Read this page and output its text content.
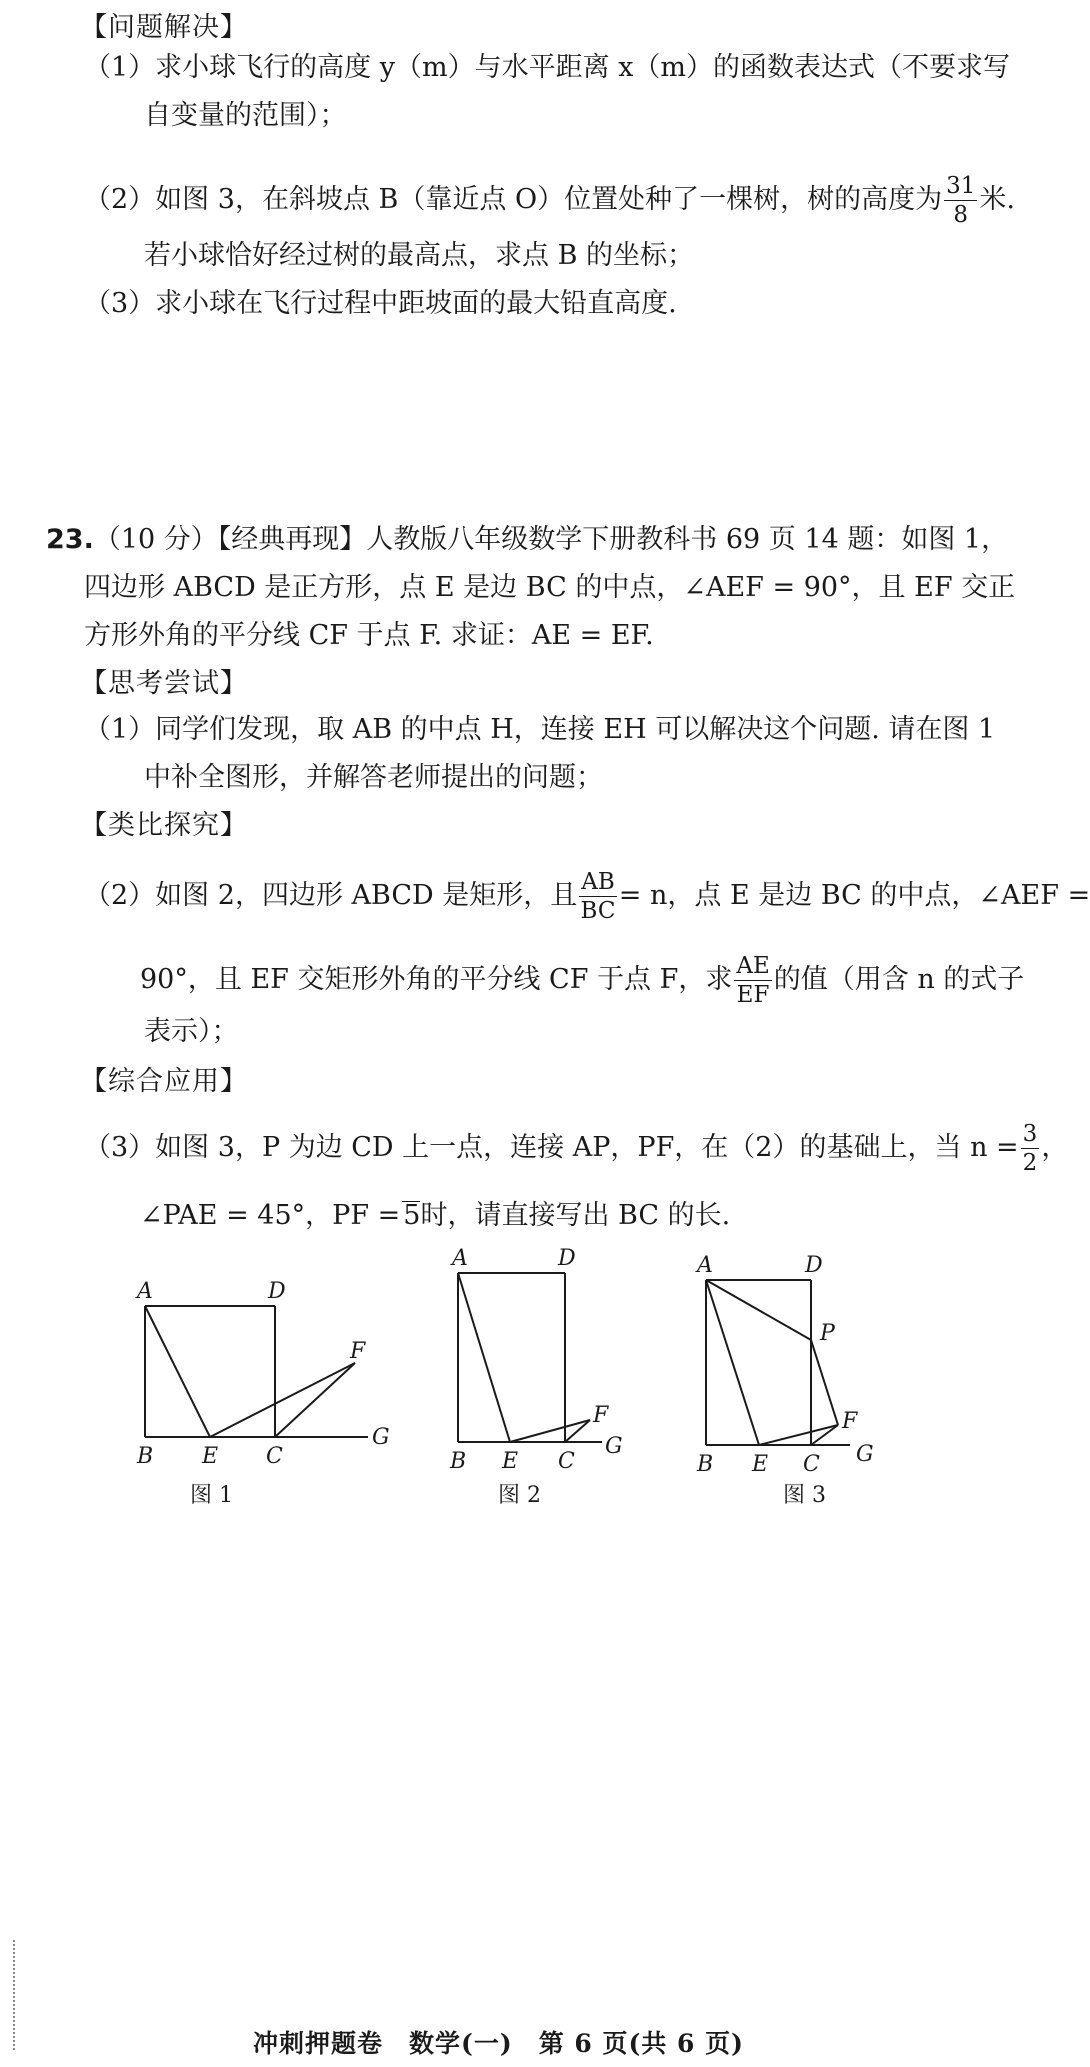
【问题解决】
（1）求小球飞行的高度 y（m）与水平距离 x（m）的函数表达式（不要求写
自变量的范围）；
（2）如图 3，在斜坡点 B（靠近点 O）位置处种了一棵树，树的高度为 $\frac{31}{8}$ 米.
若小球恰好经过树的最高点，求点 B 的坐标；
（3）求小球在飞行过程中距坡面的最大铅直高度.
23.（10 分）【经典再现】人教版八年级数学下册教科书 69 页 14 题：如图 1，
四边形 ABCD 是正方形，点 E 是边 BC 的中点，∠AEF = 90°，且 EF 交正
方形外角的平分线 CF 于点 F. 求证：AE = EF.
【思考尝试】
（1）同学们发现，取 AB 的中点 H，连接 EH 可以解决这个问题. 请在图 1
中补全图形，并解答老师提出的问题；
【类比探究】
（2）如图 2，四边形 ABCD 是矩形，且 $\frac{AB}{BC} = n$，点 E 是边 BC 的中点，∠AEF =
90°，且 EF 交矩形外角的平分线 CF 于点 F，求 $\frac{AE}{EF}$ 的值（用含 n 的式子
表示）；
【综合应用】
（3）如图 3，P 为边 CD 上一点，连接 AP，PF，在（2）的基础上，当 $n = \frac{3}{2}$ ，
∠PAE = 45°，PF = 5时，请直接写出 BC 的长.
A	D
B E C
F
G
A	D
B E C
F
G
A	D
P
B E C
F
G
图 1	图 2	图 3
冲刺押题卷　数学(一)　第 6 页(共 6 页)
